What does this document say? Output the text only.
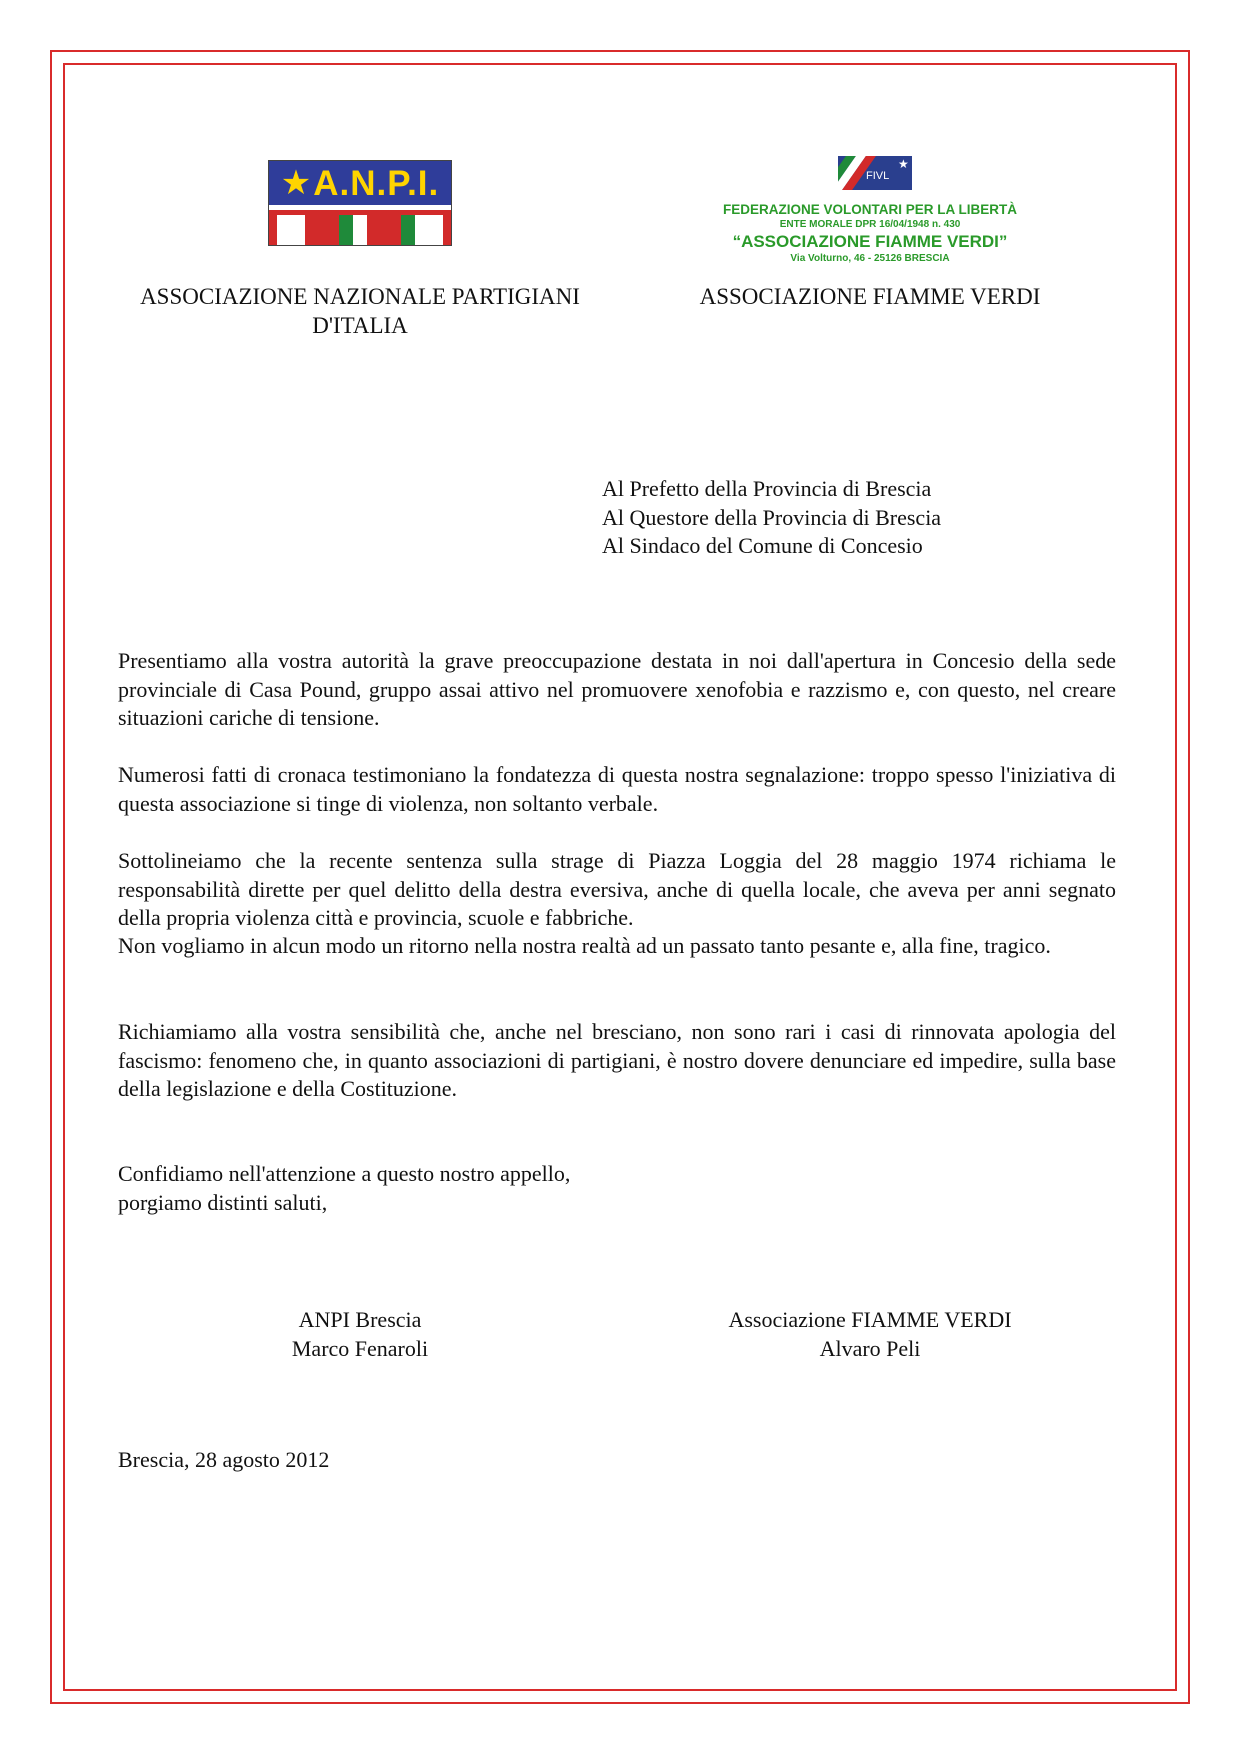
★ A.N.P.I.	FIVL
★
FEDERAZIONE VOLONTARI PER LA LIBERTÀ
ENTE MORALE DPR 16/04/1948 n. 430
“ASSOCIAZIONE FIAMME VERDI”
Via Volturno, 46 - 25126 BRESCIA
ASSOCIAZIONE NAZIONALE PARTIGIANI
D'ITALIA
ASSOCIAZIONE FIAMME VERDI
Al Prefetto della Provincia di Brescia
Al Questore della Provincia di Brescia
Al Sindaco del Comune di Concesio

Presentiamo alla vostra autorità la grave preoccupazione destata in noi dall'apertura in Concesio della sede provinciale di Casa Pound, gruppo assai attivo nel promuovere xenofobia e razzismo e, con questo, nel creare situazioni cariche di tensione.

Numerosi fatti di cronaca testimoniano la fondatezza di questa nostra segnalazione: troppo spesso l'iniziativa di questa associazione si tinge di violenza, non soltanto verbale.

Sottolineiamo che la recente sentenza sulla strage di Piazza Loggia del 28 maggio 1974 richiama le responsabilità dirette per quel delitto della destra eversiva, anche di quella locale, che aveva per anni segnato della propria violenza città e provincia, scuole e fabbriche.

Non vogliamo in alcun modo un ritorno nella nostra realtà ad un passato tanto pesante e, alla fine, tragico.

Richiamiamo alla vostra sensibilità che, anche nel bresciano, non sono rari i casi di rinnovata apologia del fascismo: fenomeno che, in quanto associazioni di partigiani, è nostro dovere denunciare ed impedire, sulla base della legislazione e della Costituzione.

Confidiamo nell'attenzione a questo nostro appello,
porgiamo distinti saluti,
ANPI Brescia
Marco Fenaroli
Associazione FIAMME VERDI
Alvaro Peli
Brescia, 28 agosto 2012
